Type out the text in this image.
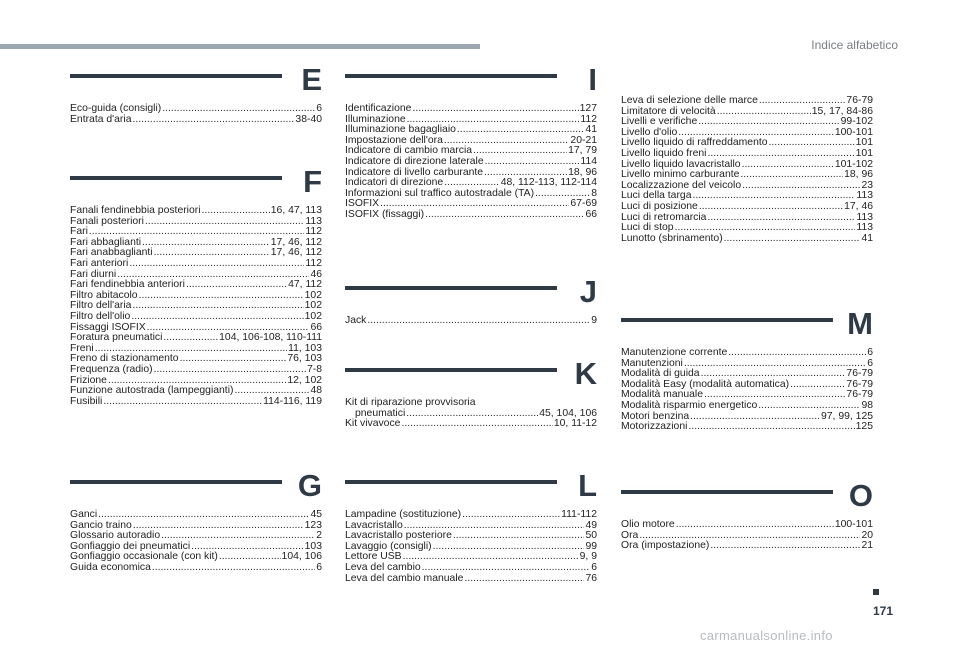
Indice alfabetico
E
Eco-guida (consigli) .....	6
Entrata d'aria .....	38-40
F
Fanali fendinebbia posteriori .....	16, 47, 113
Fanali posteriori .....	113
Fari .....	112
Fari abbaglianti .....	17, 46, 112
Fari anabbaglianti .....	17, 46, 112
Fari anteriori .....	112
Fari diurni .....	46
Fari fendinebbia anteriori .....	47, 112
Filtro abitacolo .....	102
Filtro dell'aria .....	102
Filtro dell'olio .....	102
Fissaggi ISOFIX .....	66
Foratura pneumatici .....	104, 106-108, 110-111
Freni .....	11, 103
Freno di stazionamento .....	76, 103
Frequenza (radio) .....	7-8
Frizione .....	12, 102
Funzione autostrada (lampeggianti) .....	48
Fusibili .....	114-116, 119
G
Ganci .....	45
Gancio traino .....	123
Glossario autoradio .....	2
Gonfiaggio dei pneumatici .....	103
Gonfiaggio occasionale (con kit) .....	104, 106
Guida economica .....	6
I
Identificazione .....	127
Illuminazione .....	112
Illuminazione bagagliaio .....	41
Impostazione dell'ora .....	20-21
Indicatore di cambio marcia .....	17, 79
Indicatore di direzione laterale .....	114
Indicatore di livello carburante .....	18, 96
Indicatori di direzione .....	48, 112-113, 112-114
Informazioni sul traffico autostradale (TA) .....	8
ISOFIX .....	67-69
ISOFIX (fissaggi) .....	66
J
Jack .....	9
K
Kit di riparazione provvisoria
pneumatici .....	45, 104, 106
Kit vivavoce .....	10, 11-12
L
Lampadine (sostituzione) .....	111-112
Lavacristallo .....	49
Lavacristallo posteriore .....	50
Lavaggio (consigli) .....	99
Lettore USB .....	9, 9
Leva del cambio .....	6
Leva del cambio manuale .....	76
Leva di selezione delle marce .....	76-79
Limitatore di velocità .....	15, 17, 84-86
Livelli e verifiche .....	99-102
Livello d'olio .....	100-101
Livello liquido di raffreddamento .....	101
Livello liquido freni .....	101
Livello liquido lavacristallo .....	101-102
Livello minimo carburante .....	18, 96
Localizzazione del veicolo .....	23
Luci della targa .....	113
Luci di posizione .....	17, 46
Luci di retromarcia .....	113
Luci di stop .....	113
Lunotto (sbrinamento) .....	41
M
Manutenzione corrente .....	6
Manutenzioni .....	6
Modalità di guida .....	76-79
Modalità Easy (modalità automatica) .....	76-79
Modalità manuale .....	76-79
Modalità risparmio energetico .....	98
Motori benzina .....	97, 99, 125
Motorizzazioni .....	125
O
Olio motore .....	100-101
Ora .....	20
Ora (impostazione) .....	21
171
carmanualsonline.info
